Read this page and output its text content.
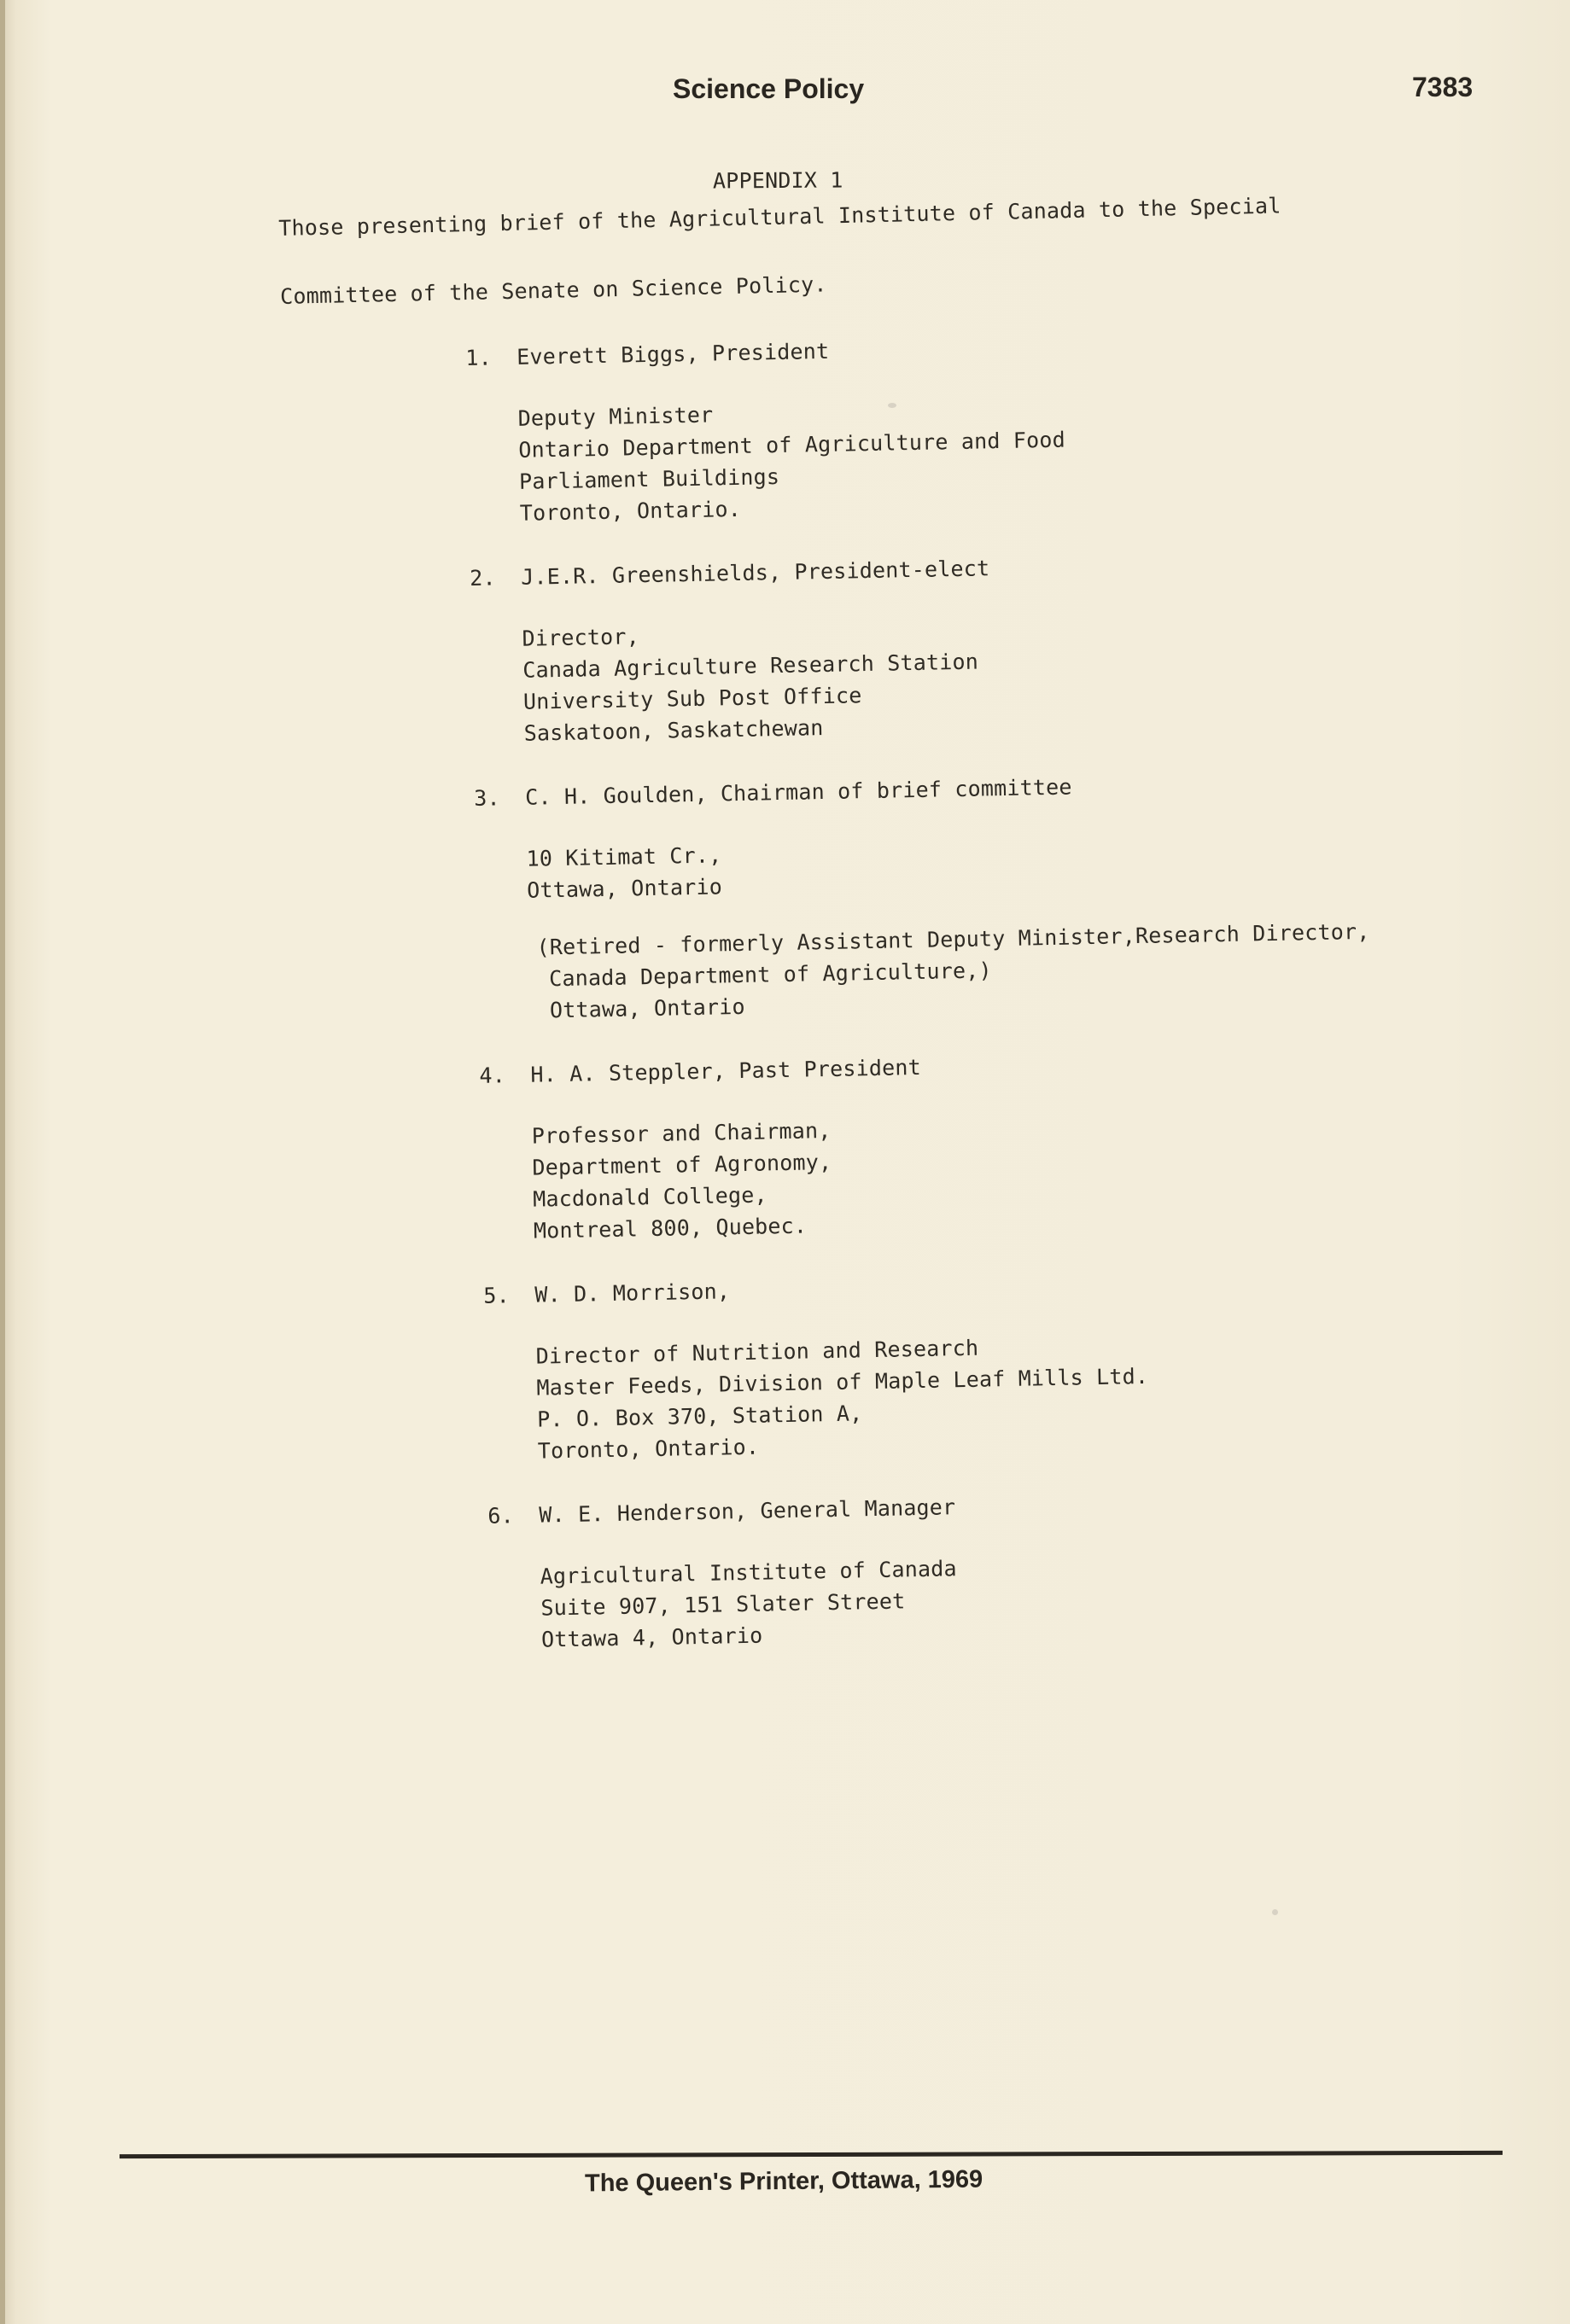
Science Policy	7383
APPENDIX 1
Those presenting brief of the Agricultural Institute of Canada to the Special
Committee of the Senate on Science Policy.
1.	Everett Biggs, President
Deputy Minister
Ontario Department of Agriculture and Food
Parliament Buildings
Toronto, Ontario.
2.	J.E.R. Greenshields, President-elect
Director,
Canada Agriculture Research Station
University Sub Post Office
Saskatoon, Saskatchewan
3.	C. H. Goulden, Chairman of brief committee
10 Kitimat Cr.,
Ottawa, Ontario
(Retired - formerly Assistant Deputy Minister,Research Director,
Canada Department of Agriculture,)
Ottawa, Ontario
4.	H. A. Steppler, Past President
Professor and Chairman,
Department of Agronomy,
Macdonald College,
Montreal 800, Quebec.
5.	W. D. Morrison,
Director of Nutrition and Research
Master Feeds, Division of Maple Leaf Mills Ltd.
P. O. Box 370, Station A,
Toronto, Ontario.
6.	W. E. Henderson, General Manager
Agricultural Institute of Canada
Suite 907, 151 Slater Street
Ottawa 4, Ontario
The Queen's Printer, Ottawa, 1969
